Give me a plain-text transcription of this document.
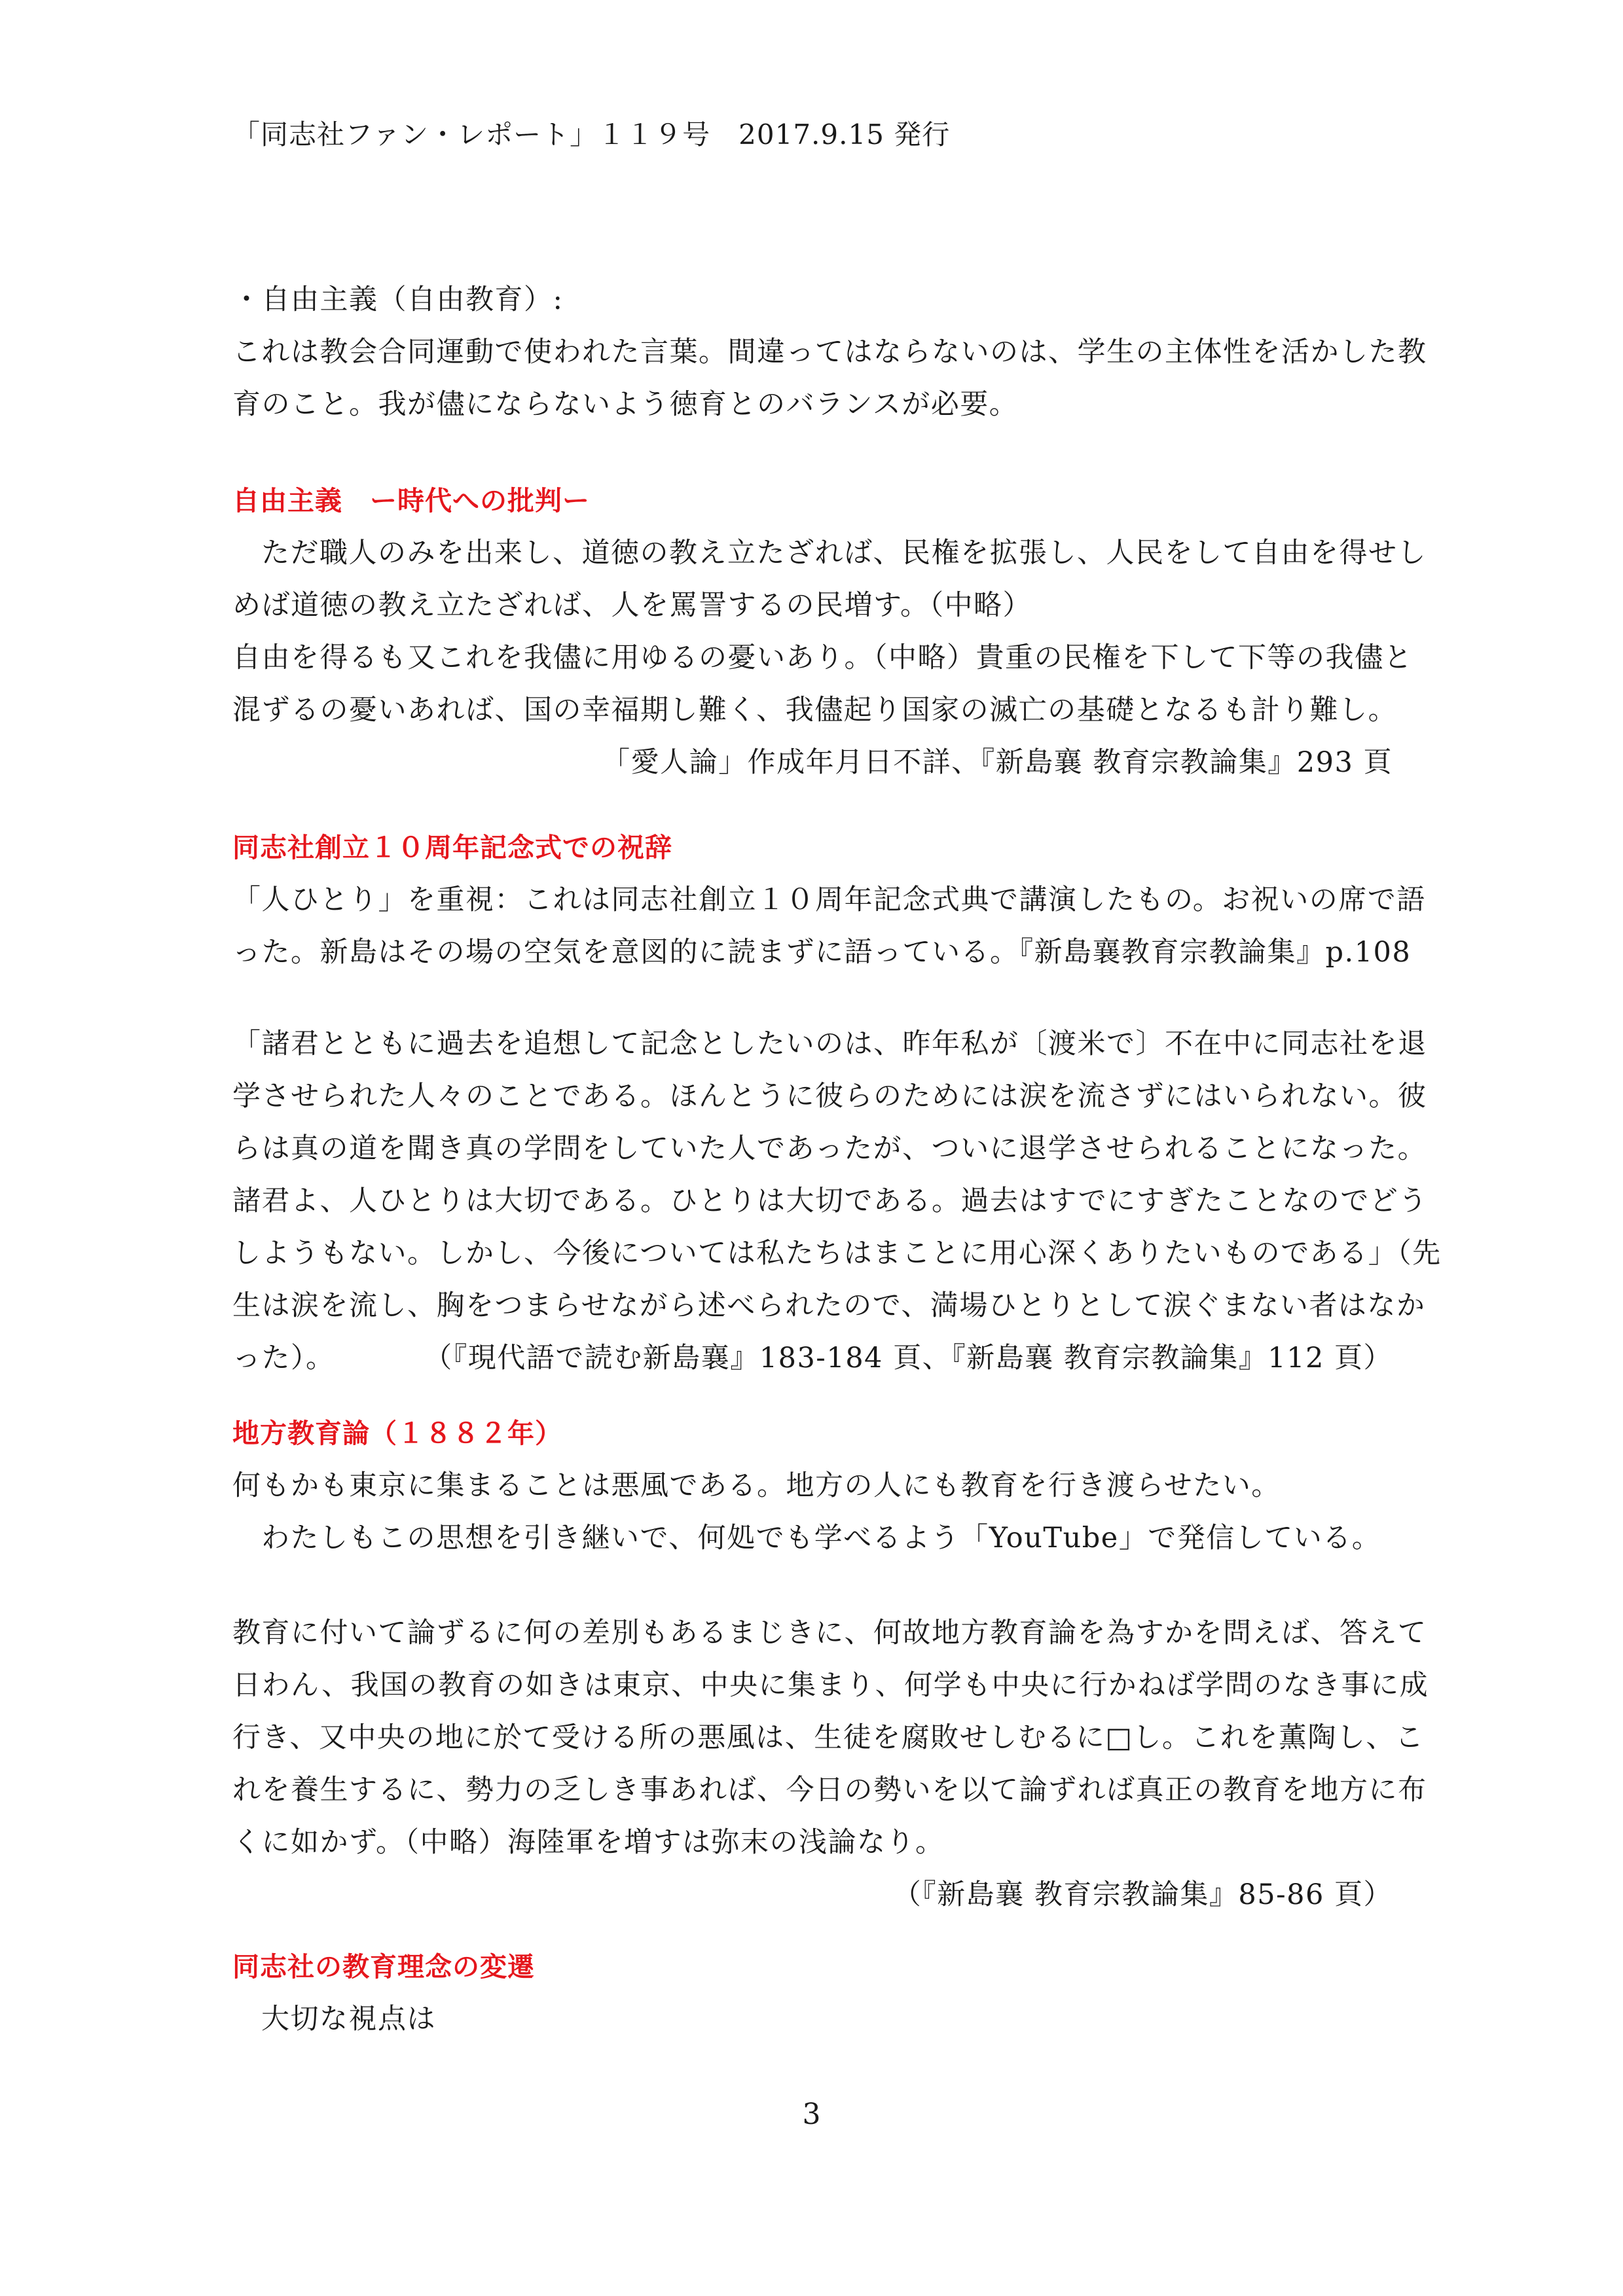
「同志社ファン・レポート」１１９号　2017.9.15 発行
・自由主義（自由教育）:
これは教会合同運動で使われた言葉。間違ってはならないのは、学生の主体性を活かした教
育のこと。我が儘にならないよう徳育とのバランスが必要。
自由主義　ー時代への批判ー
ただ職人のみを出来し、道徳の教え立たざれば、民権を拡張し、人民をして自由を得せし
めば道徳の教え立たざれば、人を罵詈するの民増す。（中略）
自由を得るも又これを我儘に用ゆるの憂いあり。（中略）貴重の民権を下して下等の我儘と
混ずるの憂いあれば、国の幸福期し難く、我儘起り国家の滅亡の基礎となるも計り難し。
「愛人論」作成年月日不詳、『新島襄 教育宗教論集』293 頁
同志社創立１０周年記念式での祝辞
「人ひとり」を重視：これは同志社創立１０周年記念式典で講演したもの。お祝いの席で語
った。新島はその場の空気を意図的に読まずに語っている。『新島襄教育宗教論集』p.108
「諸君とともに過去を追想して記念としたいのは、昨年私が〔渡米で〕不在中に同志社を退
学させられた人々のことである。ほんとうに彼らのためには涙を流さずにはいられない。彼
らは真の道を聞き真の学問をしていた人であったが、ついに退学させられることになった。
諸君よ、人ひとりは大切である。ひとりは大切である。過去はすでにすぎたことなのでどう
しようもない。しかし、今後については私たちはまことに用心深くありたいものである」（先
生は涙を流し、胸をつまらせながら述べられたので、満場ひとりとして涙ぐまない者はなか
った）。	（『現代語で読む新島襄』183-184 頁、『新島襄 教育宗教論集』112 頁）
地方教育論（１８８２年）
何もかも東京に集まることは悪風である。地方の人にも教育を行き渡らせたい。
わたしもこの思想を引き継いで、何処でも学べるよう「YouTube」で発信している。
教育に付いて論ずるに何の差別もあるまじきに、何故地方教育論を為すかを問えば、答えて
日わん、我国の教育の如きは東京、中央に集まり、何学も中央に行かねば学問のなき事に成
行き、又中央の地に於て受ける所の悪風は、生徒を腐敗せしむるに□し。これを薫陶し、こ
れを養生するに、勢力の乏しき事あれば、今日の勢いを以て論ずれば真正の教育を地方に布
くに如かず。（中略）海陸軍を増すは弥末の浅論なり。
（『新島襄 教育宗教論集』85-86 頁）
同志社の教育理念の変遷
大切な視点は
3
